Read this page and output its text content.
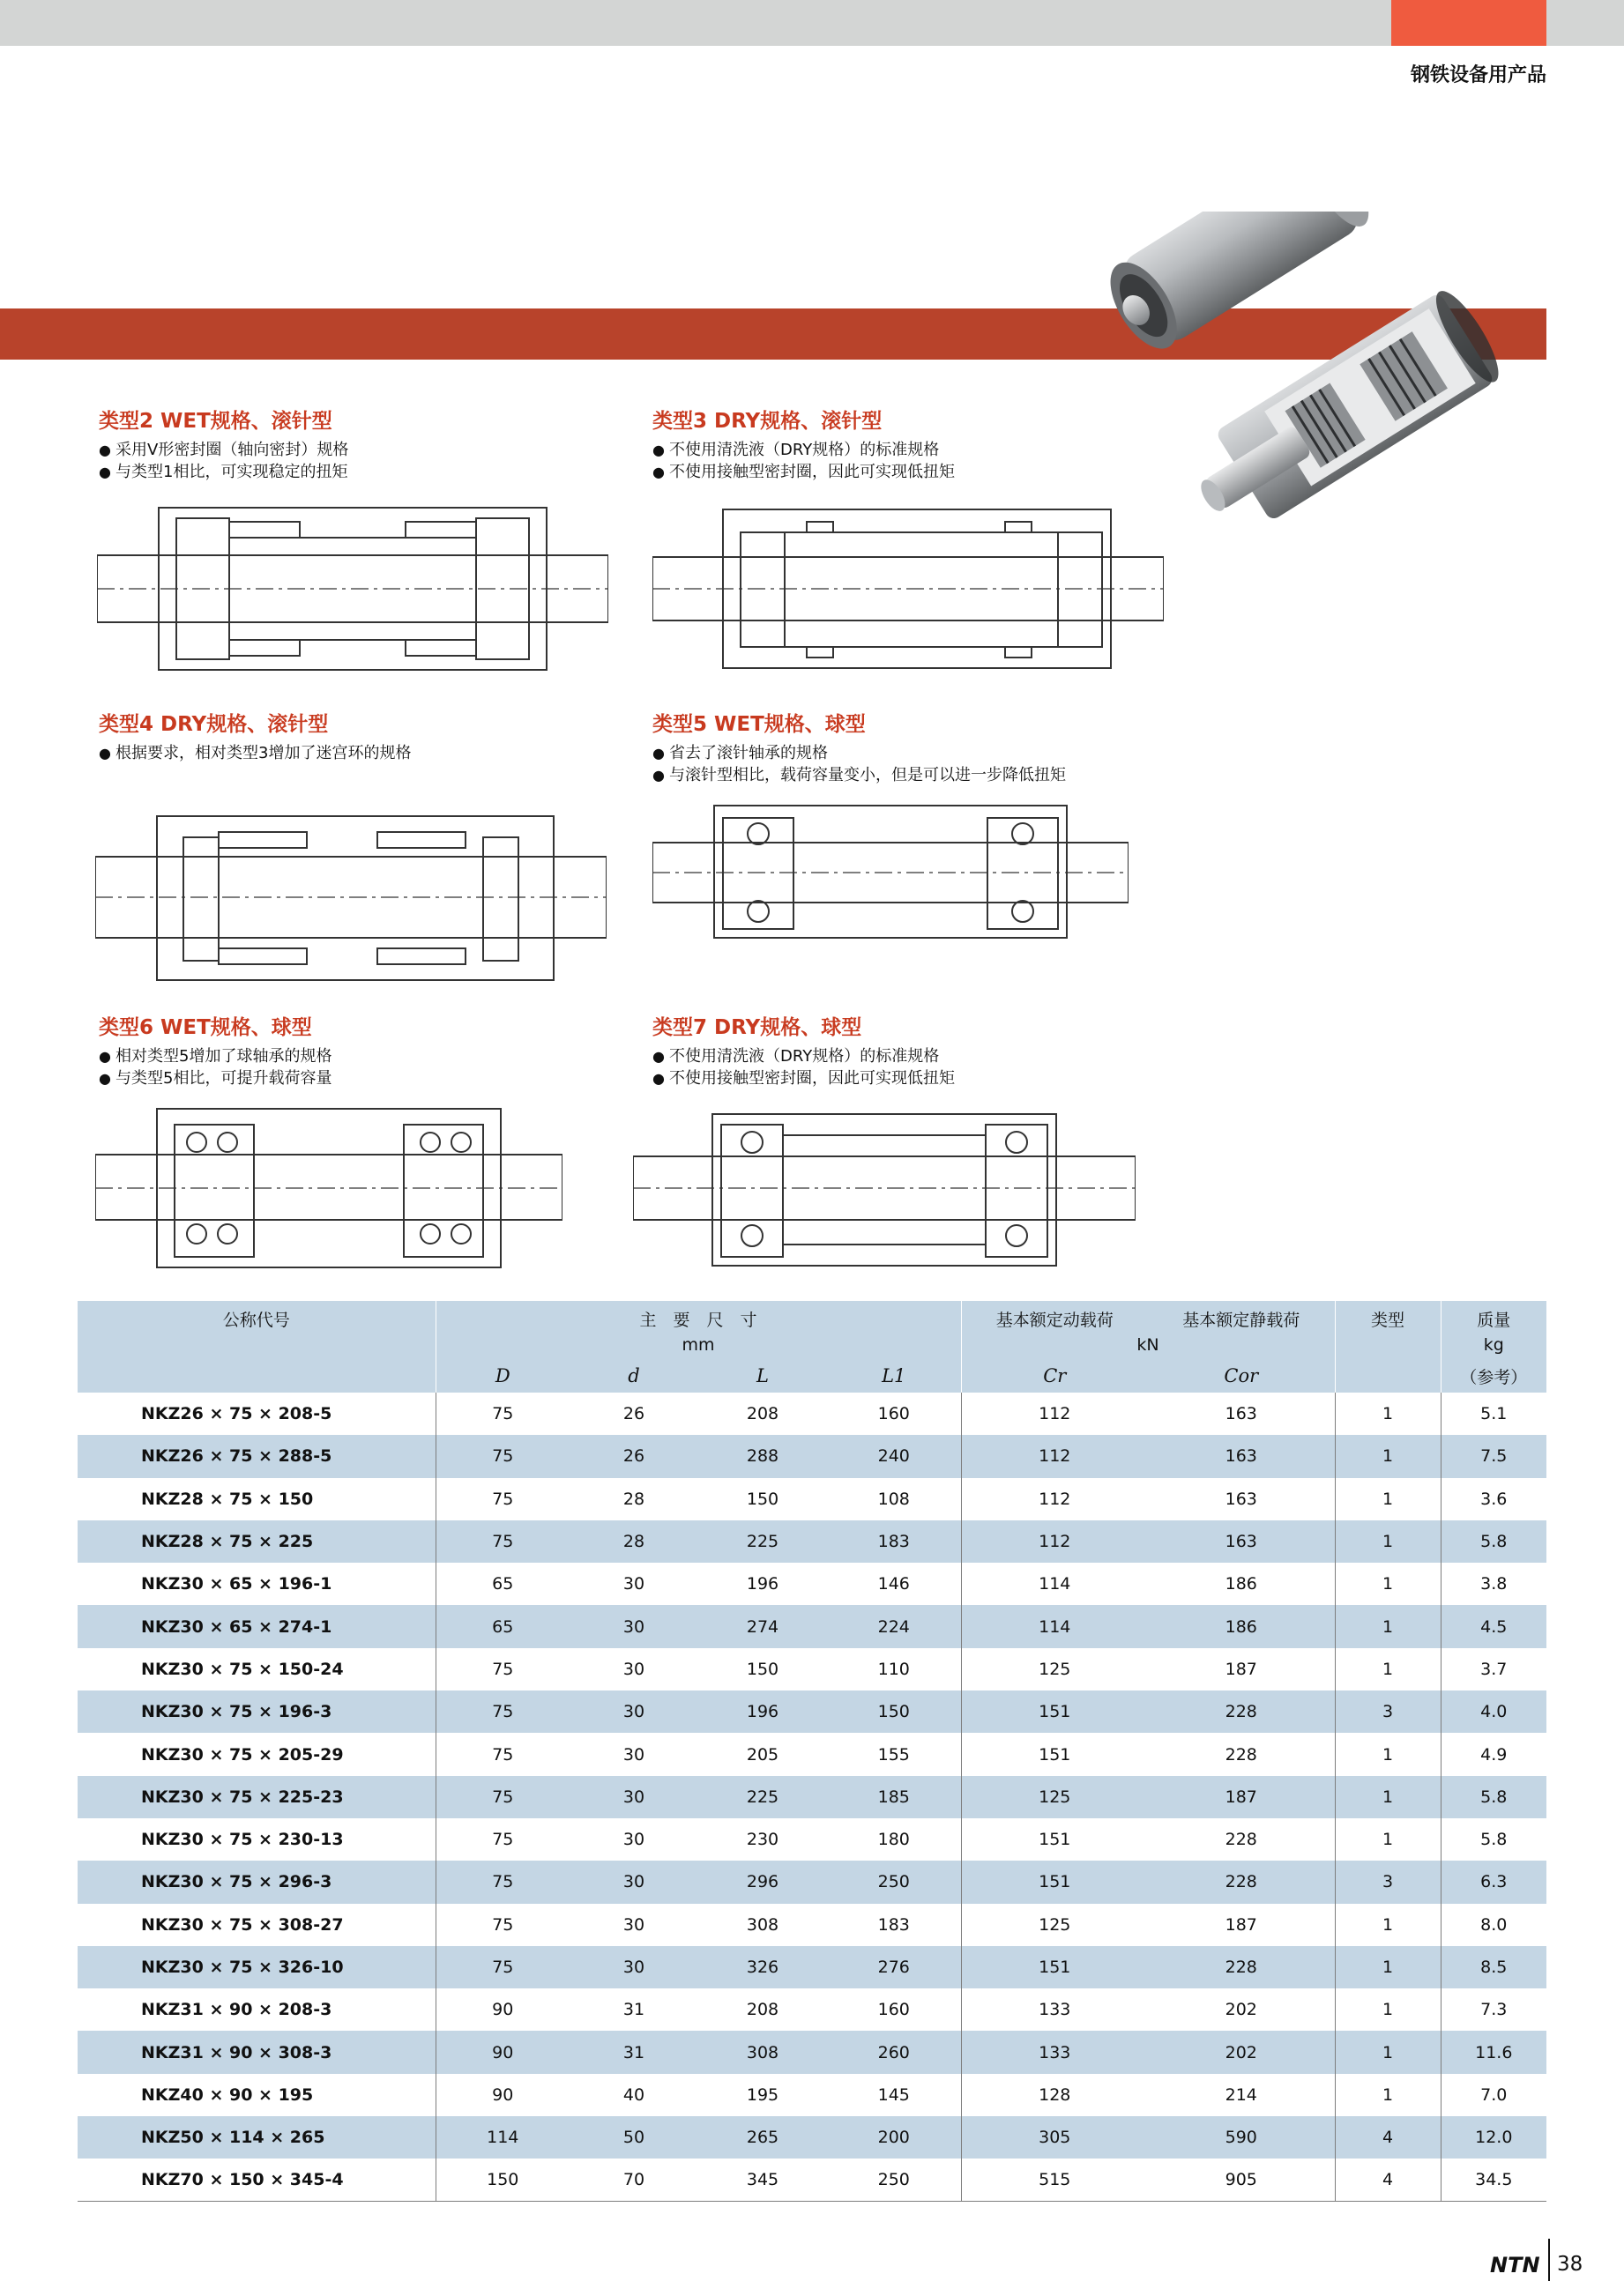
钢铁设备用产品
类型2 WET规格、滚针型
● 采用V形密封圈（轴向密封）规格
● 与类型1相比，可实现稳定的扭矩
类型3 DRY规格、滚针型
● 不使用清洗液（DRY规格）的标准规格
● 不使用接触型密封圈，因此可实现低扭矩
类型4 DRY规格、滚针型
● 根据要求，相对类型3增加了迷宫环的规格
类型5 WET规格、球型
● 省去了滚针轴承的规格
● 与滚针型相比，载荷容量变小，但是可以进一步降低扭矩
类型6 WET规格、球型
● 相对类型5增加了球轴承的规格
● 与类型5相比，可提升载荷容量
类型7 DRY规格、球型
● 不使用清洗液（DRY规格）的标准规格
● 不使用接触型密封圈，因此可实现低扭矩
公称代号	主　要　尺　寸				基本额定动载荷	基本额定静载荷	类型	质量
	mm				kN			kg
	D	d	L	L1	Cr	Cor		（参考）
NKZ26 × 75 × 208-5	75	26	208	160	112	163	1	5.1
NKZ26 × 75 × 288-5	75	26	288	240	112	163	1	7.5
NKZ28 × 75 × 150	75	28	150	108	112	163	1	3.6
NKZ28 × 75 × 225	75	28	225	183	112	163	1	5.8
NKZ30 × 65 × 196-1	65	30	196	146	114	186	1	3.8
NKZ30 × 65 × 274-1	65	30	274	224	114	186	1	4.5
NKZ30 × 75 × 150-24	75	30	150	110	125	187	1	3.7
NKZ30 × 75 × 196-3	75	30	196	150	151	228	3	4.0
NKZ30 × 75 × 205-29	75	30	205	155	151	228	1	4.9
NKZ30 × 75 × 225-23	75	30	225	185	125	187	1	5.8
NKZ30 × 75 × 230-13	75	30	230	180	151	228	1	5.8
NKZ30 × 75 × 296-3	75	30	296	250	151	228	3	6.3
NKZ30 × 75 × 308-27	75	30	308	183	125	187	1	8.0
NKZ30 × 75 × 326-10	75	30	326	276	151	228	1	8.5
NKZ31 × 90 × 208-3	90	31	208	160	133	202	1	7.3
NKZ31 × 90 × 308-3	90	31	308	260	133	202	1	11.6
NKZ40 × 90 × 195	90	40	195	145	128	214	1	7.0
NKZ50 × 114 × 265	114	50	265	200	305	590	4	12.0
NKZ70 × 150 × 345-4	150	70	345	250	515	905	4	34.5
NTN 38
